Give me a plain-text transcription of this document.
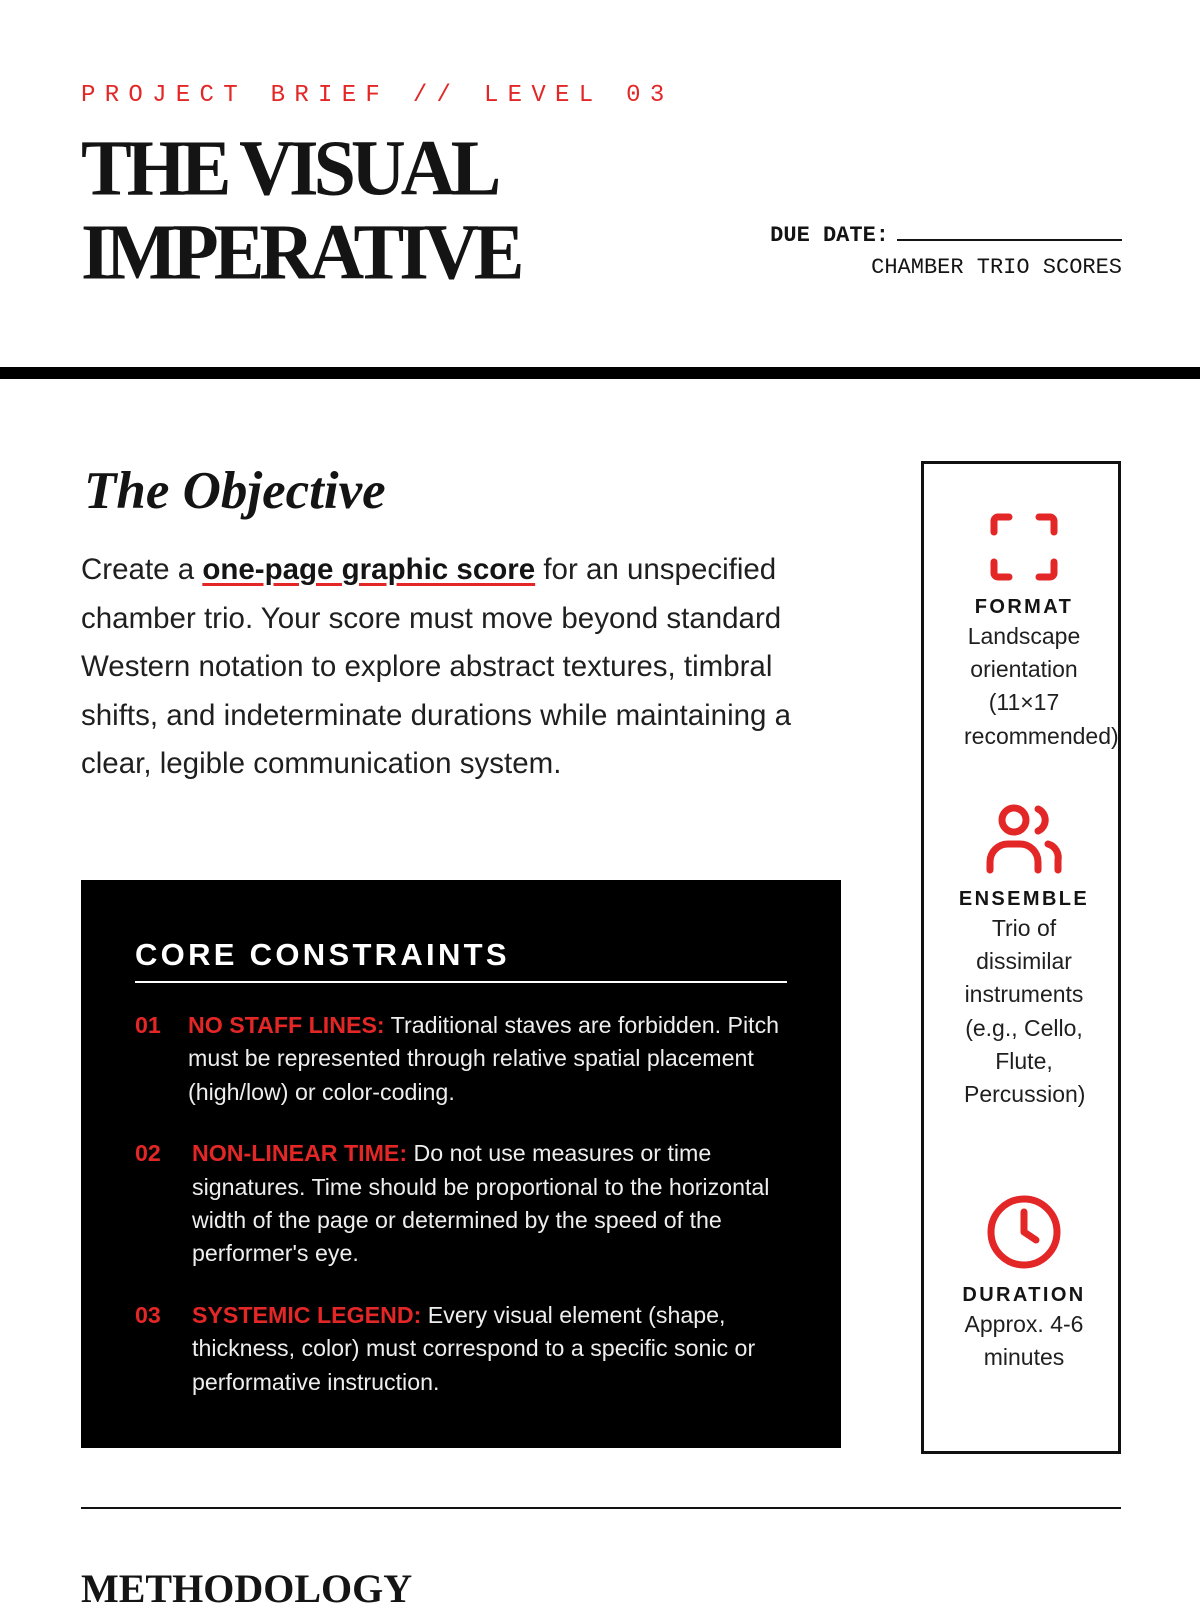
PROJECT BRIEF // LEVEL 03

THE VISUAL
IMPERATIVE	DUE DATE:
CHAMBER TRIO SCORES
The Objective

Create a one-page graphic score for an unspecified chamber trio. Your score must move beyond standard Western notation to explore abstract textures, timbral shifts, and indeterminate durations while maintaining a clear, legible communication system.

CORE CONSTRAINTS
01	NO STAFF LINES: Traditional staves are forbidden. Pitch must be represented through relative spatial placement (high/low) or color-coding.
02	NON-LINEAR TIME: Do not use measures or time signatures. Time should be proportional to the horizontal width of the page or determined by the speed of the performer's eye.
03	SYSTEMIC LEGEND: Every visual element (shape, thickness, color) must correspond to a specific sonic or performative instruction.
FORMAT
Landscape orientation (11×17 recommended)
ENSEMBLE
Trio of dissimilar instruments (e.g., Cello, Flute, Percussion)
DURATION
Approx. 4-6 minutes
METHODOLOGY
